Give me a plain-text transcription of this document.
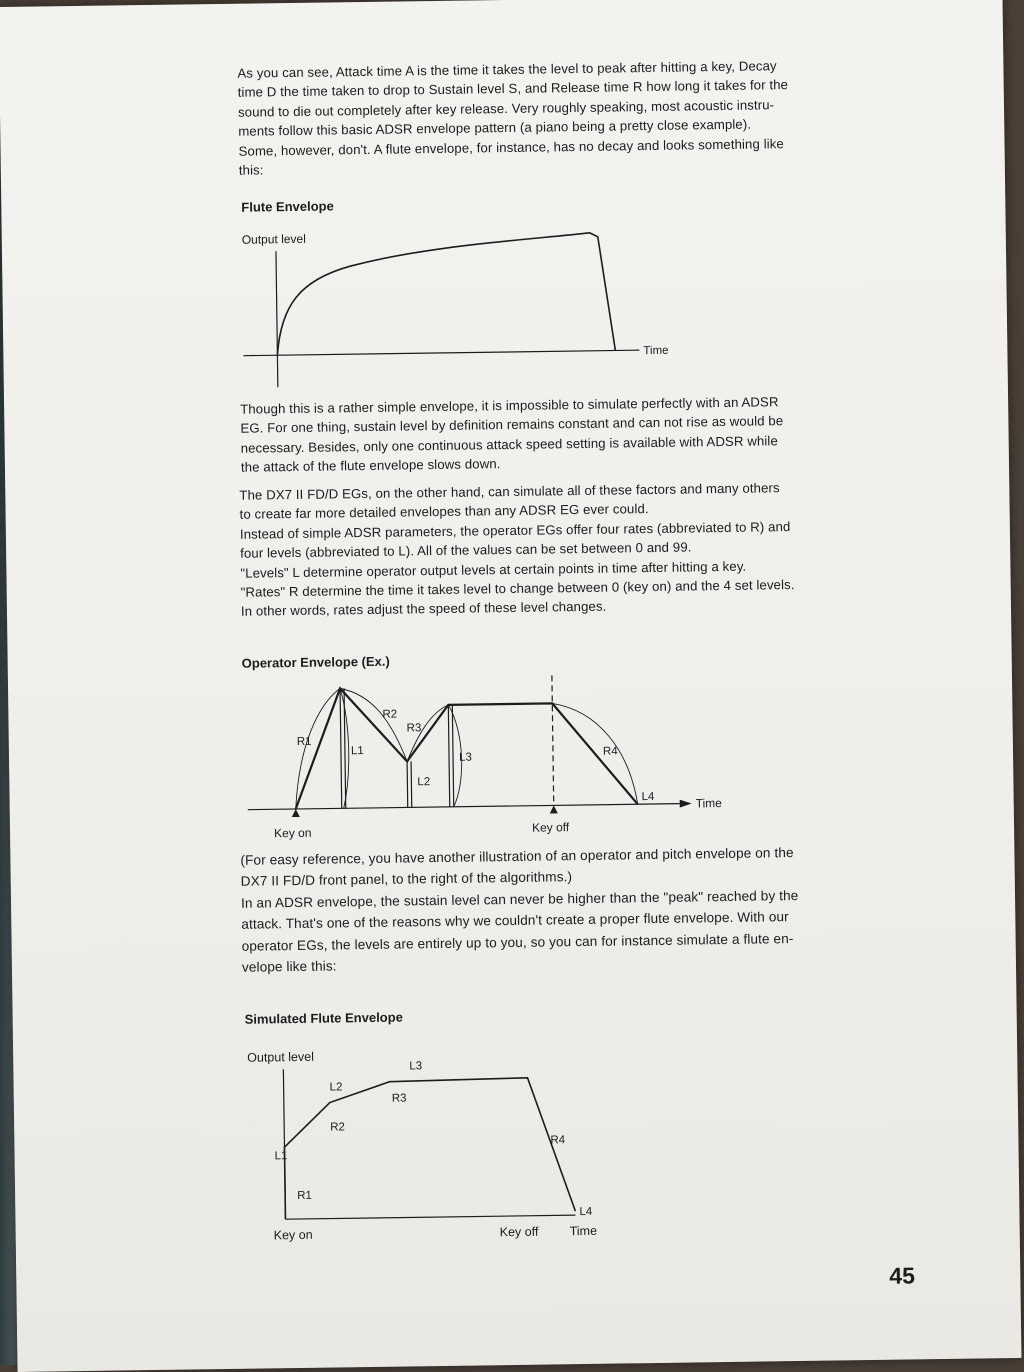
As you can see, Attack time A is the time it takes the level to peak after hitting a key, Decay
time D the time taken to drop to Sustain level S, and Release time R how long it takes for the
sound to die out completely after key release. Very roughly speaking, most acoustic instru-
ments follow this basic ADSR envelope pattern (a piano being a pretty close example).
Some, however, don't. A flute envelope, for instance, has no decay and looks something like
this:
Flute Envelope
Output level
Time
Though this is a rather simple envelope, it is impossible to simulate perfectly with an ADSR
EG. For one thing, sustain level by definition remains constant and can not rise as would be
necessary. Besides, only one continuous attack speed setting is available with ADSR while
the attack of the flute envelope slows down.
The DX7 II FD/D EGs, on the other hand, can simulate all of these factors and many others
to create far more detailed envelopes than any ADSR EG ever could.
Instead of simple ADSR parameters, the operator EGs offer four rates (abbreviated to R) and
four levels (abbreviated to L). All of the values can be set between 0 and 99.
"Levels" L determine operator output levels at certain points in time after hitting a key.
"Rates" R determine the time it takes level to change between 0 (key on) and the 4 set levels.
In other words, rates adjust the speed of these level changes.
Operator Envelope (Ex.)
Time
R1
L1
R2
R3
L2
L3	R4
L4
Key on	Key off
(For easy reference, you have another illustration of an operator and pitch envelope on the
DX7 II FD/D front panel, to the right of the algorithms.)
In an ADSR envelope, the sustain level can never be higher than the "peak" reached by the
attack. That's one of the reasons why we couldn't create a proper flute envelope. With our
operator EGs, the levels are entirely up to you, so you can for instance simulate a flute en-
velope like this:
Simulated Flute Envelope
Output level
L1
R1
R2
L2
R3
L3
R4
L4
Key on	Key off Time
45
